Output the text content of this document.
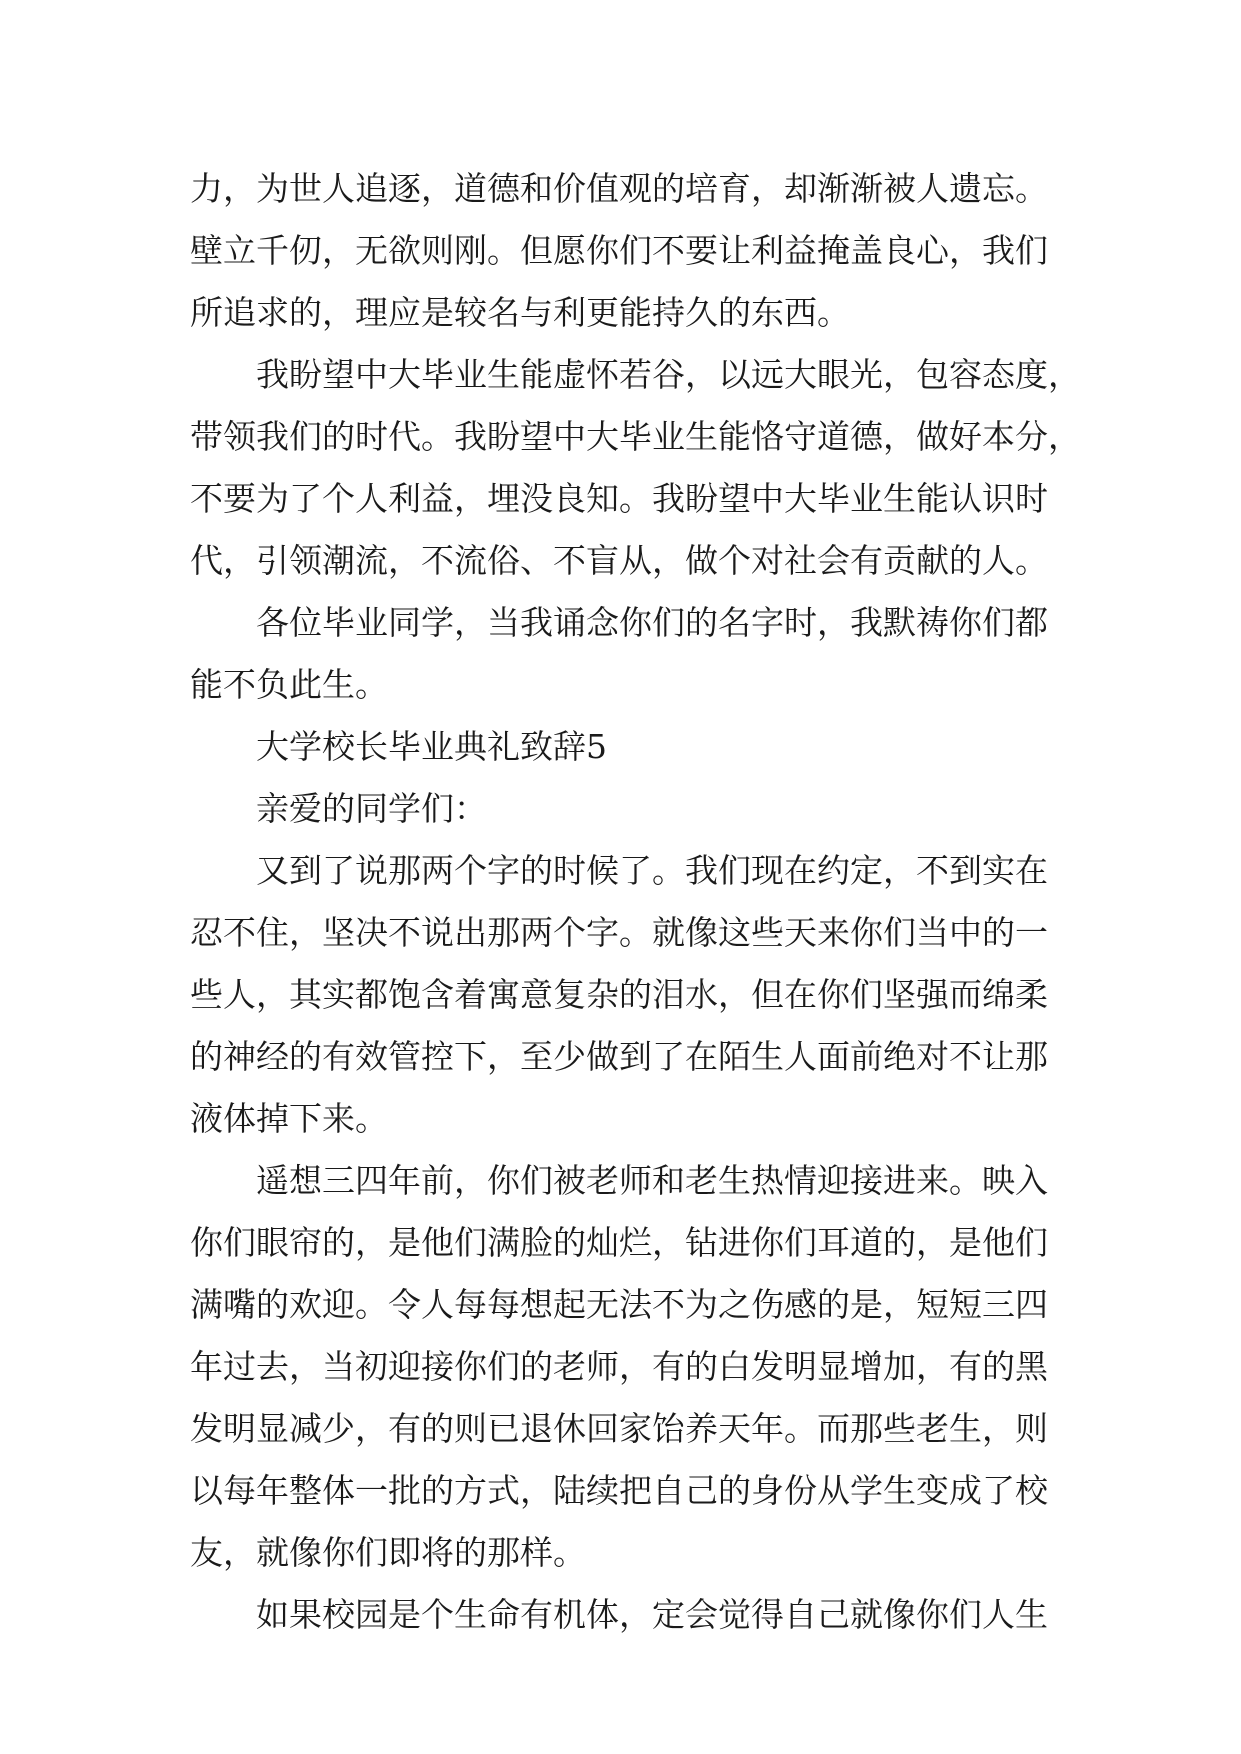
力，为世人追逐，道德和价值观的培育，却渐渐被人遗忘。
壁立千仞，无欲则刚。但愿你们不要让利益掩盖良心，我们
所追求的，理应是较名与利更能持久的东西。
我盼望中大毕业生能虚怀若谷，以远大眼光，包容态度，
带领我们的时代。我盼望中大毕业生能恪守道德，做好本分，
不要为了个人利益，埋没良知。我盼望中大毕业生能认识时
代，引领潮流，不流俗、不盲从，做个对社会有贡献的人。
各位毕业同学，当我诵念你们的名字时，我默祷你们都
能不负此生。
大学校长毕业典礼致辞5
亲爱的同学们：
又到了说那两个字的时候了。我们现在约定，不到实在
忍不住，坚决不说出那两个字。就像这些天来你们当中的一
些人，其实都饱含着寓意复杂的泪水，但在你们坚强而绵柔
的神经的有效管控下，至少做到了在陌生人面前绝对不让那
液体掉下来。
遥想三四年前，你们被老师和老生热情迎接进来。映入
你们眼帘的，是他们满脸的灿烂，钻进你们耳道的，是他们
满嘴的欢迎。令人每每想起无法不为之伤感的是，短短三四
年过去，当初迎接你们的老师，有的白发明显增加，有的黑
发明显减少，有的则已退休回家饴养天年。而那些老生，则
以每年整体一批的方式，陆续把自己的身份从学生变成了校
友，就像你们即将的那样。
如果校园是个生命有机体，定会觉得自己就像你们人生
